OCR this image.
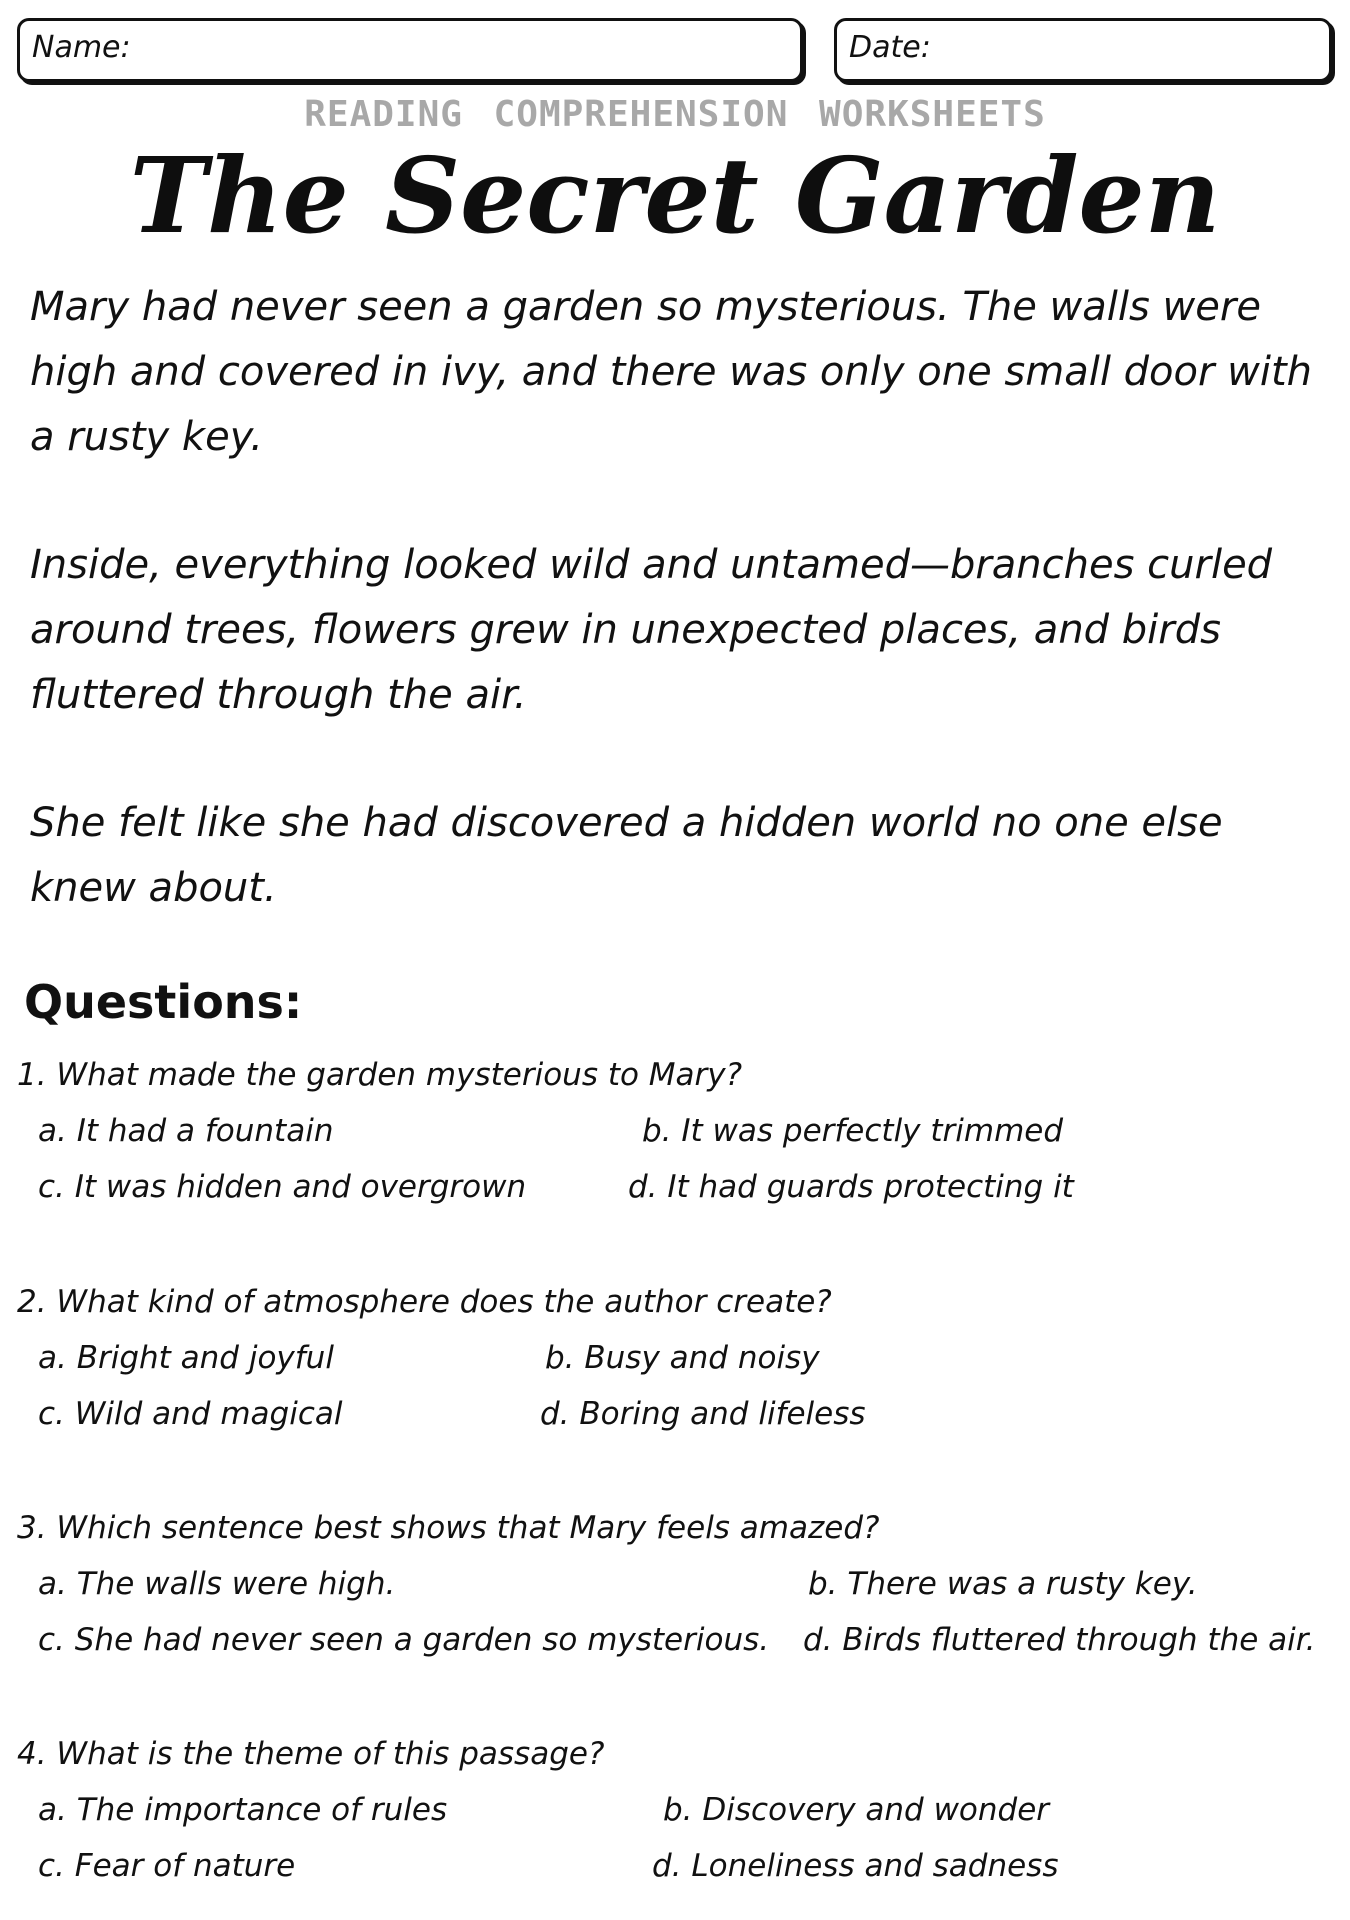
Name:	Date:
READING COMPREHENSION WORKSHEETS
The Secret Garden

Mary had never seen a garden so mysterious. The walls were high and covered in ivy, and there was only one small door with a rusty key.

Inside, everything looked wild and untamed—branches curled around trees, flowers grew in unexpected places, and birds fluttered through the air.

She felt like she had discovered a hidden world no one else knew about.

Questions:
1. What made the garden mysterious to Mary?
a. It had a fountain	b. It was perfectly trimmed
c. It was hidden and overgrown	d. It had guards protecting it
2. What kind of atmosphere does the author create?
a. Bright and joyful	b. Busy and noisy
c. Wild and magical	d. Boring and lifeless
3. Which sentence best shows that Mary feels amazed?
a. The walls were high.	b. There was a rusty key.
c. She had never seen a garden so mysterious. d. Birds fluttered through the air.
4. What is the theme of this passage?
a. The importance of rules	b. Discovery and wonder
c. Fear of nature	d. Loneliness and sadness
